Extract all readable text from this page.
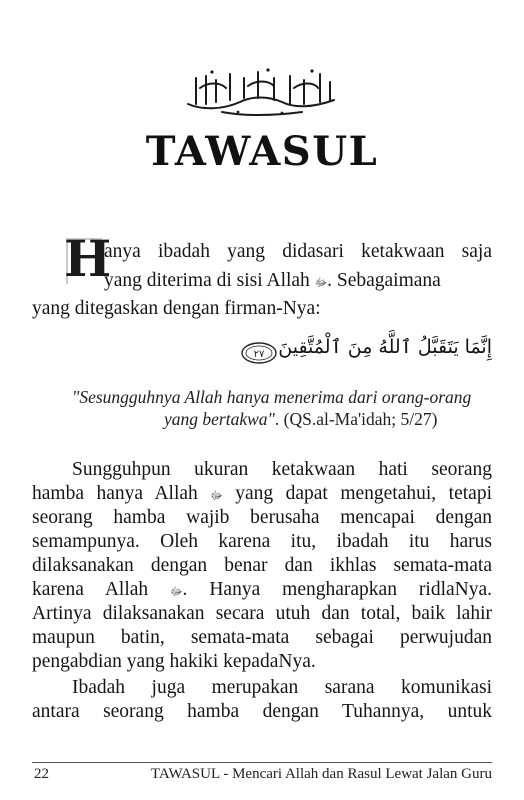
TAWASUL
H
anya ibadah yang didasari ketakwaan saja
yang diterima di sisi Allah ﷻ. Sebagaimana
yang ditegaskan dengan firman-Nya:
٢٧ إِنَّمَا يَتَقَبَّلُ ٱللَّهُ مِنَ ٱلْمُتَّقِينَ
"Sesungguhnya Allah hanya menerima dari orang-orang
yang bertakwa". (QS.al-Ma'idah; 5/27)
Sungguhpun ukuran ketakwaan hati seorang
hamba hanya Allah ﷻ yang dapat mengetahui, tetapi
seorang hamba wajib berusaha mencapai dengan
semampunya. Oleh karena itu, ibadah itu harus
dilaksanakan dengan benar dan ikhlas semata-mata
karena Allah ﷻ. Hanya mengharapkan ridlaNya.
Artinya dilaksanakan secara utuh dan total, baik lahir
maupun batin, semata-mata sebagai perwujudan
pengabdian yang hakiki kepadaNya.
Ibadah juga merupakan sarana komunikasi
antara seorang hamba dengan Tuhannya, untuk
22	TAWASUL - Mencari Allah dan Rasul Lewat Jalan Guru
